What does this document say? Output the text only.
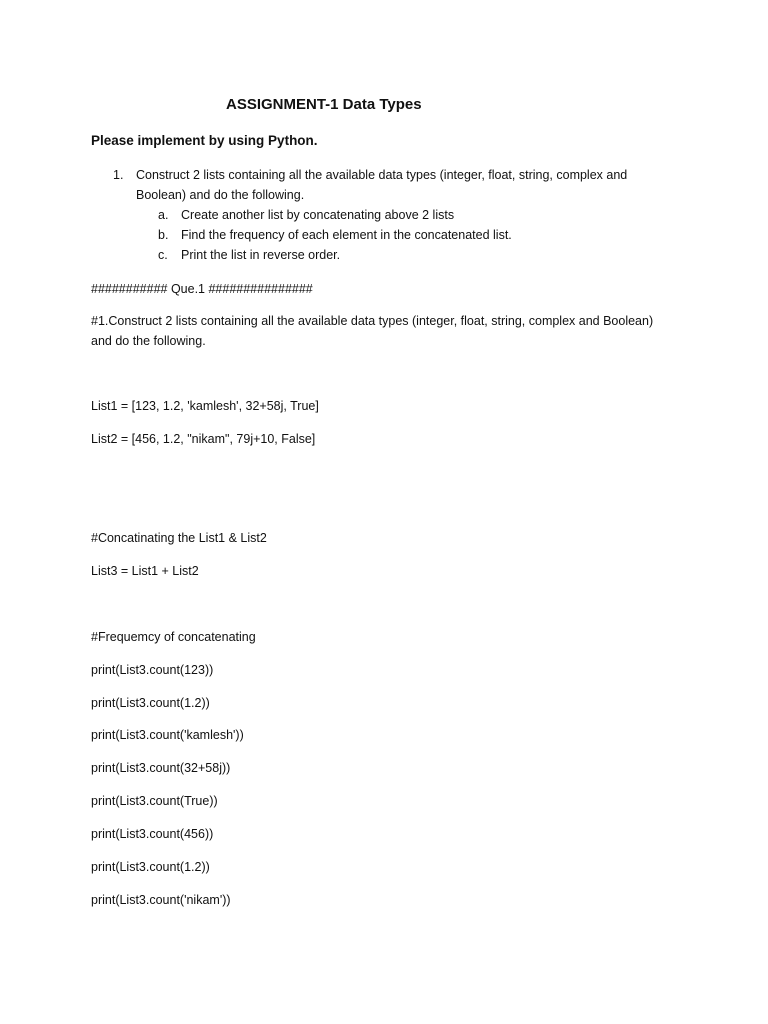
ASSIGNMENT-1 Data Types
Please implement by using Python.
1. Construct 2 lists containing all the available data types (integer, float, string, complex and
Boolean) and do the following.
a. Create another list by concatenating above 2 lists
b. Find the frequency of each element in the concatenated list.
c. Print the list in reverse order.
########### Que.1 ###############
#1.Construct 2 lists containing all the available data types (integer, float, string, complex and Boolean)
and do the following.
List1 = [123, 1.2, 'kamlesh', 32+58j, True]
List2 = [456, 1.2, "nikam", 79j+10, False]
#Concatinating the List1 & List2
List3 = List1 + List2
#Frequemcy of concatenating
print(List3.count(123))
print(List3.count(1.2))
print(List3.count('kamlesh'))
print(List3.count(32+58j))
print(List3.count(True))
print(List3.count(456))
print(List3.count(1.2))
print(List3.count('nikam'))
